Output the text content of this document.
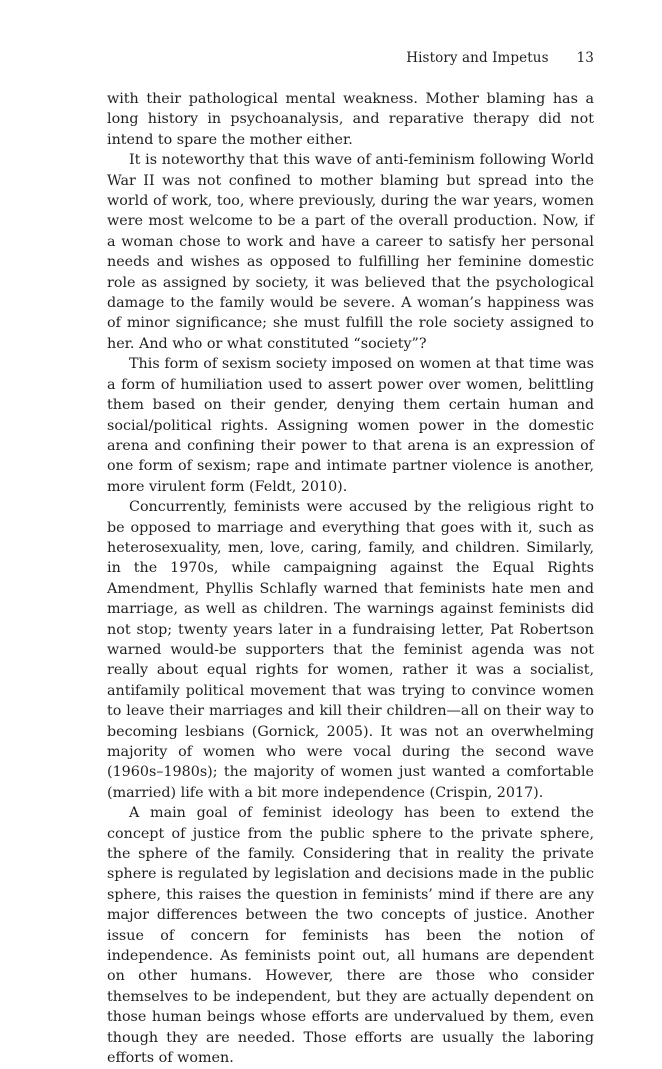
History and Impetus 13

with their pathological mental weakness. Mother blaming has a long history in psychoanalysis, and reparative therapy did not intend to spare the mother either.

It is noteworthy that this wave of anti-feminism following World War II was not confined to mother blaming but spread into the world of work, too, where previously, during the war years, women were most welcome to be a part of the overall production. Now, if a woman chose to work and have a career to satisfy her personal needs and wishes as opposed to fulfilling her feminine domestic role as assigned by society, it was believed that the psychological damage to the family would be severe. A woman’s happiness was of minor significance; she must fulfill the role society assigned to her. And who or what constituted “society”?

This form of sexism society imposed on women at that time was a form of humiliation used to assert power over women, belittling them based on their gender, denying them certain human and social/political rights. Assigning women power in the domestic arena and confining their power to that arena is an expression of one form of sexism; rape and intimate partner violence is another, more virulent form (Feldt, 2010).

Concurrently, feminists were accused by the religious right to be opposed to marriage and everything that goes with it, such as heterosexuality, men, love, caring, family, and children. Similarly, in the 1970s, while campaigning against the Equal Rights Amendment, Phyllis Schlafly warned that feminists hate men and marriage, as well as children. The warnings against feminists did not stop; twenty years later in a fundraising letter, Pat Robertson warned would-be supporters that the feminist agenda was not really about equal rights for women, rather it was a socialist, antifamily political movement that was trying to convince women to leave their marriages and kill their children—all on their way to becoming lesbians (Gornick, 2005). It was not an overwhelming majority of women who were vocal during the second wave (1960s–1980s); the majority of women just wanted a comfortable (married) life with a bit more independence (Crispin, 2017).

A main goal of feminist ideology has been to extend the concept of justice from the public sphere to the private sphere, the sphere of the family. Considering that in reality the private sphere is regulated by legislation and decisions made in the public sphere, this raises the question in feminists’ mind if there are any major differences between the two concepts of justice. Another issue of concern for feminists has been the notion of independence. As feminists point out, all humans are dependent on other humans. However, there are those who consider themselves to be independent, but they are actually dependent on those human beings whose efforts are undervalued by them, even though they are needed. Those efforts are usually the laboring efforts of women.
